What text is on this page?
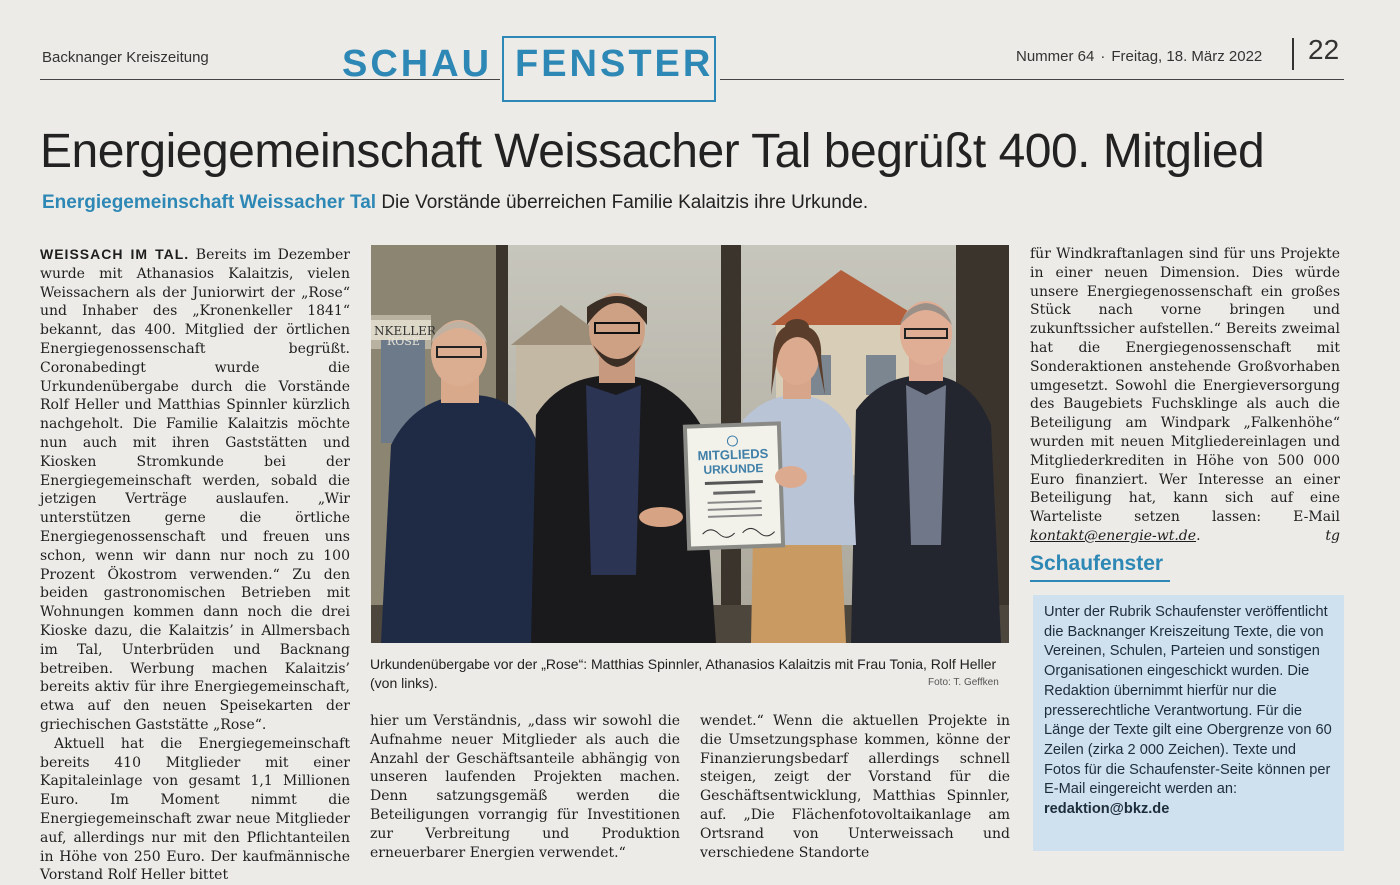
Backnanger Kreiszeitung	SCHAU FENSTER	Nummer 64 · Freitag, 18. März 2022 22
Energiegemeinschaft Weissacher Tal begrüßt 400. Mitglied
Energiegemeinschaft Weissacher Tal Die Vorstände überreichen Familie Kalaitzis ihre Urkunde.

WEISSACH IM TAL. Bereits im Dezember wurde mit Athanasios Kalaitzis, vielen Weissachern als der Juniorwirt der „Rose“ und Inhaber des „Kronenkeller 1841“ bekannt, das 400. Mitglied der örtlichen Energiegenossenschaft begrüßt. Coronabedingt wurde die Urkundenübergabe durch die Vorstände Rolf Heller und Matthias Spinnler kürzlich nachgeholt. Die Familie Kalaitzis möchte nun auch mit ihren Gaststätten und Kiosken Stromkunde bei der Energiegemeinschaft werden, sobald die jetzigen Verträge auslaufen. „Wir unterstützen gerne die örtliche Energiegenossenschaft und freuen uns schon, wenn wir dann nur noch zu 100 Prozent Ökostrom verwenden.“ Zu den beiden gastronomischen Betrieben mit Wohnungen kommen dann noch die drei Kioske dazu, die Kalaitzis’ in Allmersbach im Tal, Unterbrüden und Backnang betreiben. Werbung machen Kalaitzis’ bereits aktiv für ihre Energiegemeinschaft, etwa auf den neuen Speisekarten der griechischen Gaststätte „Rose“.

Aktuell hat die Energiegemeinschaft bereits 410 Mitglieder mit einer Kapitaleinlage von gesamt 1,1 Millionen Euro. Im Moment nimmt die Energiegemeinschaft zwar neue Mitglieder auf, allerdings nur mit den Pflichtanteilen in Höhe von 250 Euro. Der kaufmännische Vorstand Rolf Heller bittet

NKELLER
ROSE
MITGLIEDS
URKUNDE
Urkundenübergabe vor der „Rose“: Matthias Spinnler, Athanasios Kalaitzis mit Frau Tonia, Rolf Heller (von links).	Foto: T. Geffken
hier um Verständnis, „dass wir sowohl die Aufnahme neuer Mitglieder als auch die Anzahl der Geschäftsanteile abhängig von unseren laufenden Projekten machen. Denn satzungsgemäß werden die Beteiligungen vorrangig für Investitionen zur Verbreitung und Produktion erneuerbarer Energien verwendet.“
wendet.“ Wenn die aktuellen Projekte in die Umsetzungsphase kommen, könne der Finanzierungsbedarf allerdings schnell steigen, zeigt der Vorstand für die Geschäftsentwicklung, Matthias Spinnler, auf. „Die Flächenfotovoltaikanlage am Ortsrand von Unterweissach und verschiedene Standorte

für Windkraftanlagen sind für uns Projekte in einer neuen Dimension. Dies würde unsere Energiegenossenschaft ein großes Stück nach vorne bringen und zukunftssicher aufstellen.“ Bereits zweimal hat die Energiegenossenschaft mit Sonderaktionen anstehende Großvorhaben umgesetzt. Sowohl die Energieversorgung des Baugebiets Fuchsklinge als auch die Beteiligung am Windpark „Falkenhöhe“ wurden mit neuen Mitgliedereinlagen und Mitgliederkrediten in Höhe von 500 000 Euro finanziert. Wer Interesse an einer Beteiligung hat, kann sich auf eine Warteliste setzen lassen: E-Mail kontakt@energie-wt.de.	tg

Schaufenster

Unter der Rubrik Schaufenster veröffentlicht die Backnanger Kreiszeitung Texte, die von Vereinen, Schulen, Parteien und sonstigen Organisationen eingeschickt wurden. Die Redaktion übernimmt hierfür nur die presserechtliche Verantwortung. Für die Länge der Texte gilt eine Obergrenze von 60 Zeilen (zirka 2 000 Zeichen). Texte und Fotos für die Schaufenster-Seite können per E-Mail eingereicht werden an:

redaktion@bkz.de
